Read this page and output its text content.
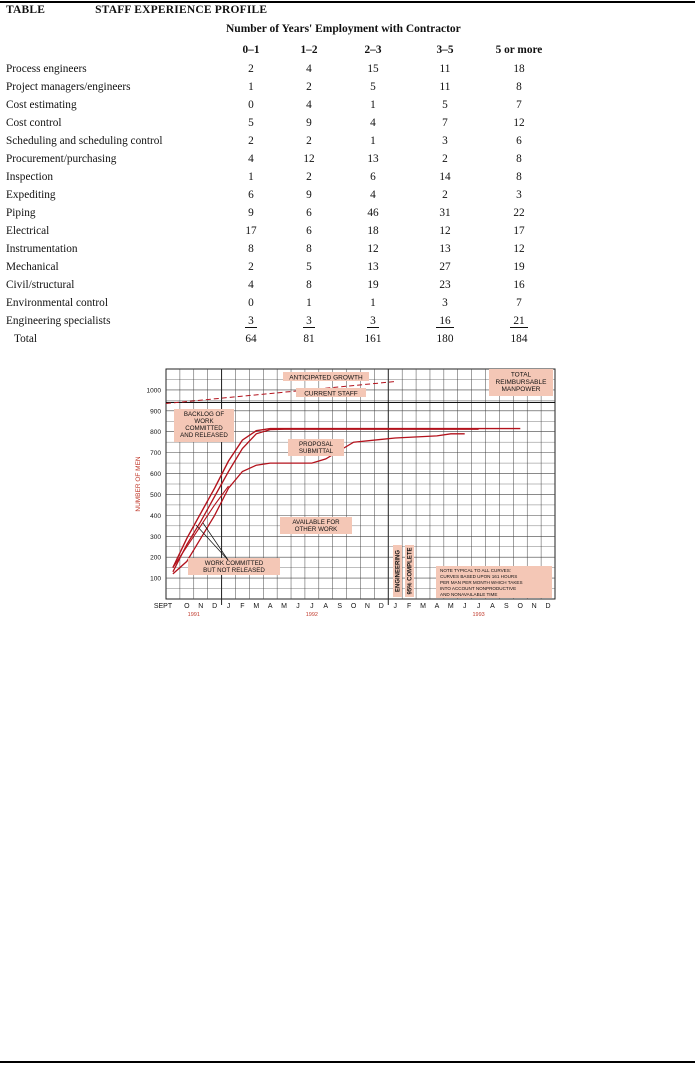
TABLE	STAFF EXPERIENCE PROFILE
Number of Years' Employment with Contractor
	0–1	1–2	2–3	3–5	5 or more
Process engineers	2	4	15	11	18
Project managers/engineers	1	2	5	11	8
Cost estimating	0	4	1	5	7
Cost control	5	9	4	7	12
Scheduling and scheduling control	2	2	1	3	6
Procurement/purchasing	4	12	13	2	8
Inspection	1	2	6	14	8
Expediting	6	9	4	2	3
Piping	9	6	46	31	22
Electrical	17	6	18	12	17
Instrumentation	8	8	12	13	12
Mechanical	2	5	13	27	19
Civil/structural	4	8	19	23	16
Environmental control	0	1	1	3	7
Engineering specialists	3	3	3	16	21
Total	64	81	161	180	184
100
200
300
400
500
600
700
800
900
1000
NUMBER OF MEN
SEPT O N D J F M A M J J A S O N D J F M A M J J A S O N D
1991	1992	1993
ANTICIPATED GROWTH
CURRENT STAFF
TOTAL
REIMBURSABLE
MANPOWER
BACKLOG OF
WORK
COMMITTED
AND RELEASED
PROPOSAL
SUBMITTAL
AVAILABLE FOR
OTHER WORK
WORK COMMITTED
BUT NOT RELEASED	ENGINEERING 95% COMPLETE	NOTE TYPICAL TO ALL CURVES:
CURVES BASED UPON 161 HOURS
PER MAN PER MONTH WHICH TAKES
INTO ACCOUNT NONPRODUCTIVE
AND NONAVAILABLE TIME
